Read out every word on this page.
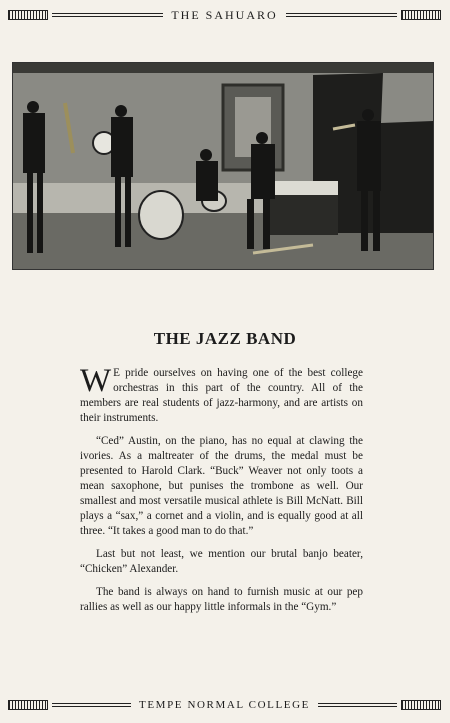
THE SAHUARO
THE JAZZ BAND

W E pride ourselves on having one of the best college orchestras in this part of the country. All of the members are real students of jazz-harmony, and are artists on their instruments.

“Ced” Austin, on the piano, has no equal at clawing the ivories. As a maltreater of the drums, the medal must be presented to Harold Clark. “Buck” Weaver not only toots a mean saxophone, but punises the trombone as well. Our smallest and most versatile musical athlete is Bill McNatt. Bill plays a “sax,” a cornet and a violin, and is equally good at all three. “It takes a good man to do that.”

Last but not least, we mention our brutal banjo beater, “Chicken” Alexander.

The band is always on hand to furnish music at our pep rallies as well as our happy little informals in the “Gym.”

TEMPE NORMAL COLLEGE
